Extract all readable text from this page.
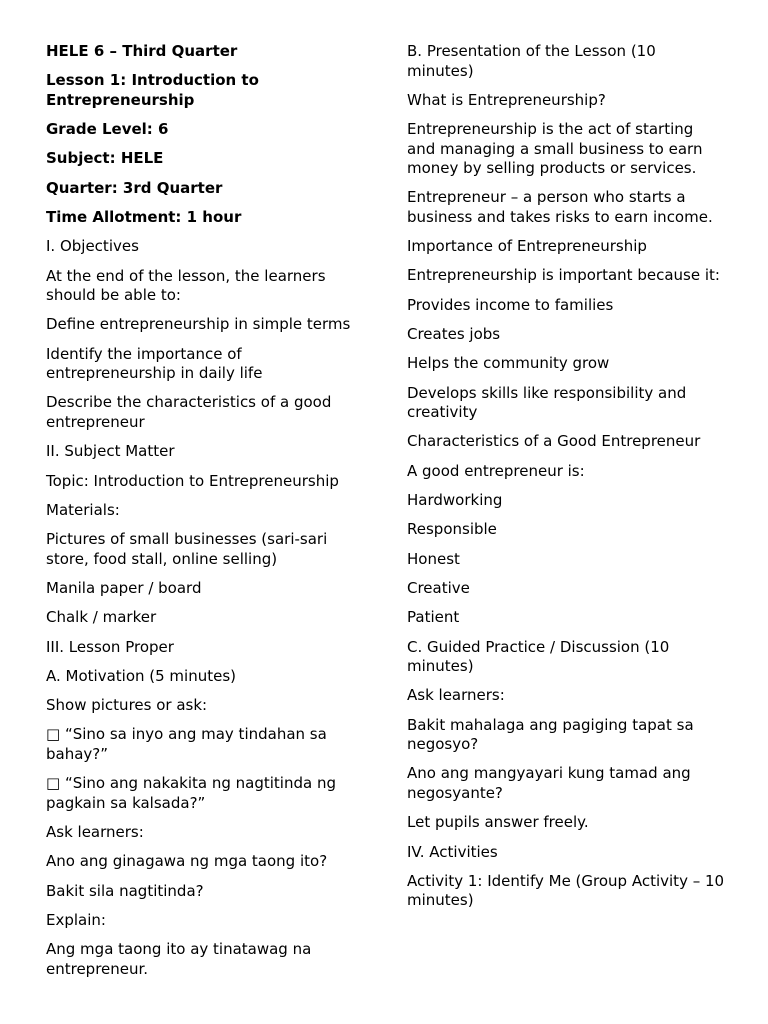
HELE 6 – Third Quarter

Lesson 1: Introduction to Entrepreneurship

Grade Level: 6

Subject: HELE

Quarter: 3rd Quarter

Time Allotment: 1 hour

I. Objectives

At the end of the lesson, the learners should be able to:

Define entrepreneurship in simple terms

Identify the importance of entrepreneurship in daily life

Describe the characteristics of a good entrepreneur

II. Subject Matter

Topic: Introduction to Entrepreneurship

Materials:

Pictures of small businesses (sari-sari store, food stall, online selling)

Manila paper / board

Chalk / marker

III. Lesson Proper

A. Motivation (5 minutes)

Show pictures or ask:

□ “Sino sa inyo ang may tindahan sa bahay?”

□ “Sino ang nakakita ng nagtitinda ng pagkain sa kalsada?”

Ask learners:

Ano ang ginagawa ng mga taong ito?

Bakit sila nagtitinda?

Explain:

Ang mga taong ito ay tinatawag na entrepreneur.

B. Presentation of the Lesson (10 minutes)

What is Entrepreneurship?

Entrepreneurship is the act of starting and managing a small business to earn money by selling products or services.

Entrepreneur – a person who starts a business and takes risks to earn income.

Importance of Entrepreneurship

Entrepreneurship is important because it:

Provides income to families

Creates jobs

Helps the community grow

Develops skills like responsibility and creativity

Characteristics of a Good Entrepreneur

A good entrepreneur is:

Hardworking

Responsible

Honest

Creative

Patient

C. Guided Practice / Discussion (10 minutes)

Ask learners:

Bakit mahalaga ang pagiging tapat sa negosyo?

Ano ang mangyayari kung tamad ang negosyante?

Let pupils answer freely.

IV. Activities

Activity 1: Identify Me (Group Activity – 10 minutes)
